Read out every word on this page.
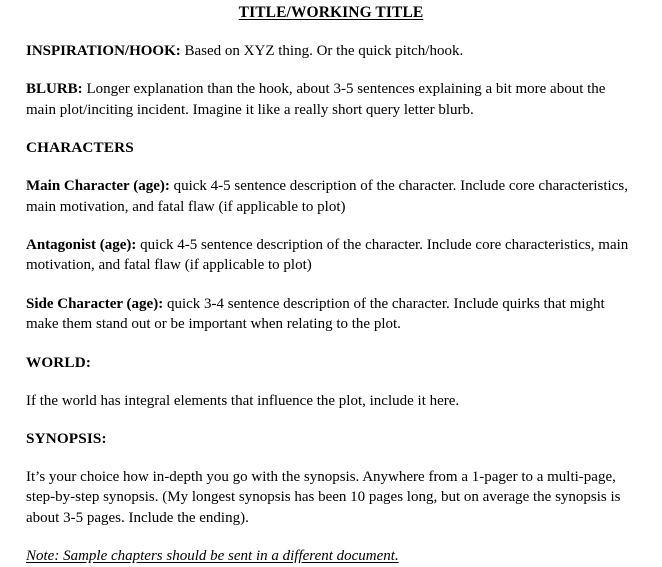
TITLE/WORKING TITLE

INSPIRATION/HOOK: Based on XYZ thing. Or the quick pitch/hook.

BLURB: Longer explanation than the hook, about 3-5 sentences explaining a bit more about the main plot/inciting incident. Imagine it like a really short query letter blurb.

CHARACTERS

Main Character (age): quick 4-5 sentence description of the character. Include core characteristics, main motivation, and fatal flaw (if applicable to plot)

Antagonist (age): quick 4-5 sentence description of the character. Include core characteristics, main motivation, and fatal flaw (if applicable to plot)

Side Character (age): quick 3-4 sentence description of the character. Include quirks that might make them stand out or be important when relating to the plot.

WORLD:

If the world has integral elements that influence the plot, include it here.

SYNOPSIS:

It’s your choice how in-depth you go with the synopsis. Anywhere from a 1-pager to a multi-page, step-by-step synopsis. (My longest synopsis has been 10 pages long, but on average the synopsis is about 3-5 pages. Include the ending).

Note: Sample chapters should be sent in a different document.
